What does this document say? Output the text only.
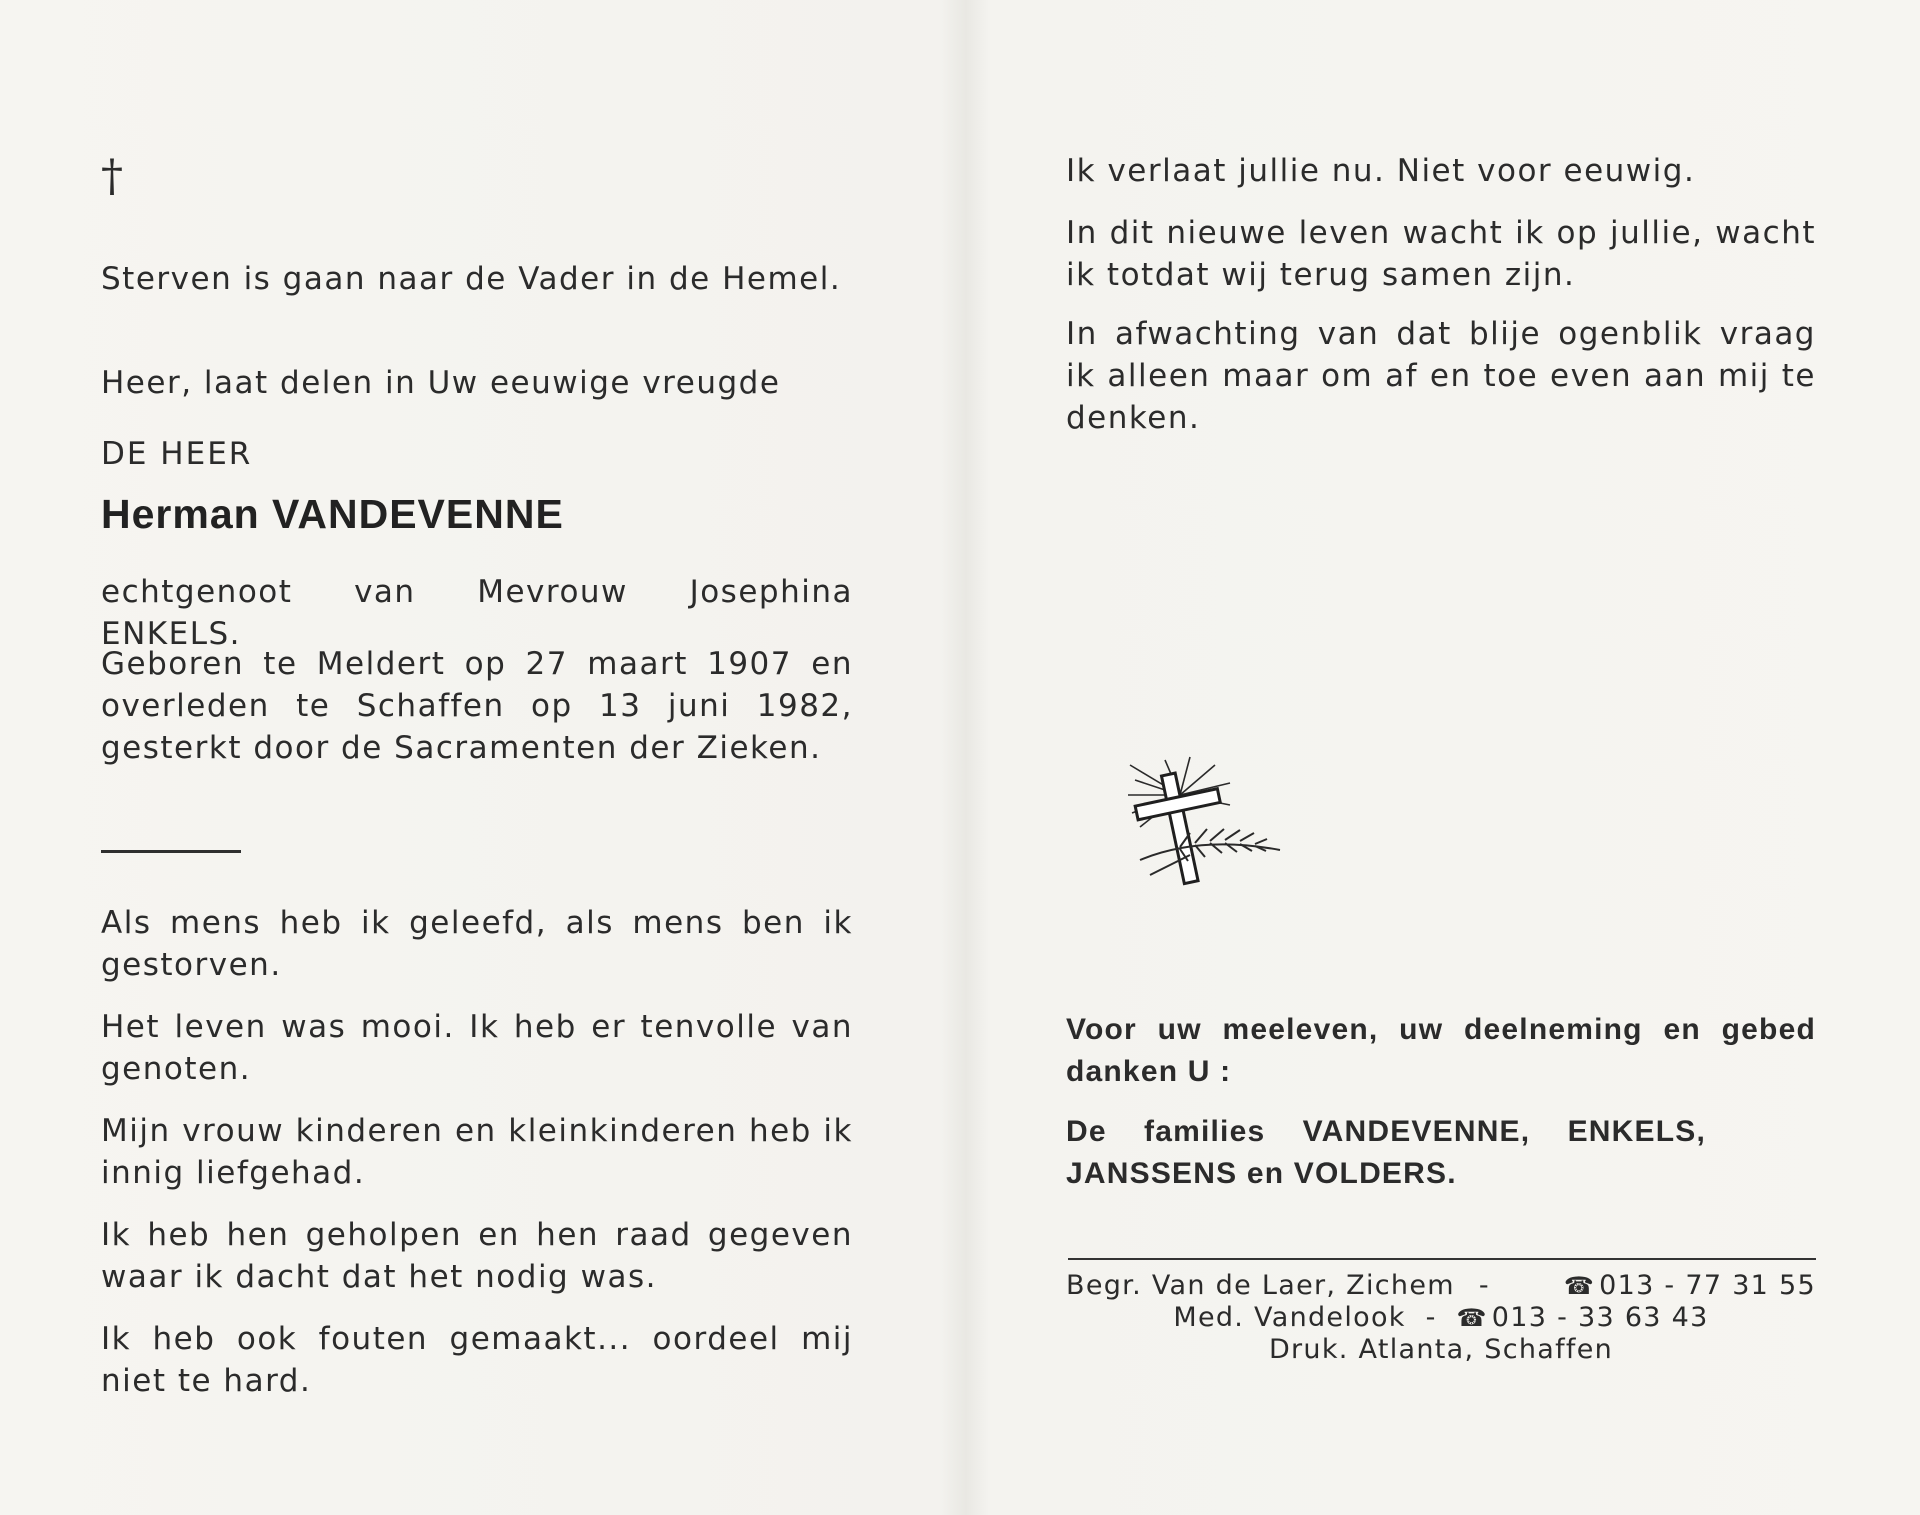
†

Sterven is gaan naar de Vader in de Hemel.

Heer, laat delen in Uw eeuwige vreugde

DE HEER
Herman VANDEVENNE

echtgenoot van Mevrouw Josephina ENKELS.

Geboren te Meldert op 27 maart 1907 en overleden te Schaffen op 13 juni 1982, gesterkt door de Sacramenten der Zieken.

Als mens heb ik geleefd, als mens ben ik gestorven.

Het leven was mooi. Ik heb er tenvolle van genoten.

Mijn vrouw kinderen en kleinkinderen heb ik innig liefgehad.

Ik heb hen geholpen en hen raad gegeven waar ik dacht dat het nodig was.

Ik heb ook fouten gemaakt... oordeel mij niet te hard.

Ik verlaat jullie nu. Niet voor eeuwig.

In dit nieuwe leven wacht ik op jullie, wacht ik totdat wij terug samen zijn.

In afwachting van dat blije ogenblik vraag ik alleen maar om af en toe even aan mij te denken.

Voor uw meeleven, uw deelneming en gebed danken U :

De families VANDEVENNE, ENKELS, JANSSENS en VOLDERS.

Begr. Van de Laer, Zichem -	☎ 013 - 77 31 55
Med. Vandelook - ☎ 013 - 33 63 43
Druk. Atlanta, Schaffen
